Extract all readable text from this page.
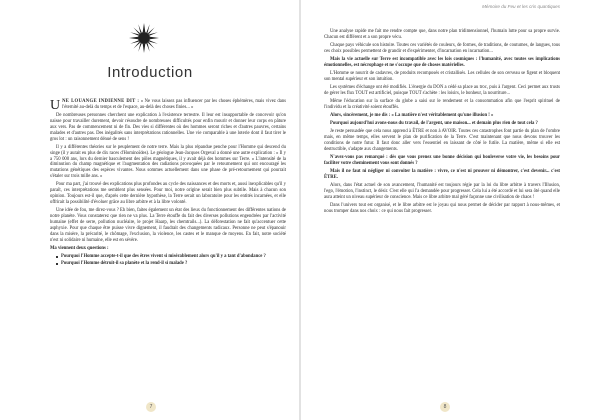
Introduction

UNE LOUANGE INDIENNE DIT : « Ne vous laissez pas influencer par les choses éphémères, mais vivez dans l'éternité au-delà du temps et de l'espace, au-delà des choses finies... »

De nombreuses personnes cherchent une explication à l'existence terrestre. Il leur est insupportable de concevoir qu'on naisse pour travailler durement, devoir résoudre de nombreuses difficultés pour enfin mourir et donner leur corps en pâture aux vers. Pas de commencement ni de fin. Des vies si différentes où des hommes seront riches et d'autres pauvres, certains malades et d'autres pas. Des inégalités sans interprétations rationnelles. Une vie comparable à une loterie dont il faut tirer le gros lot : un raisonnement dénué de sens !

Il y a différentes théories sur le peuplement de notre terre. Mais la plus répandue penche pour l'Homme qui descend du singe (il y aurait eu plus de dix races d'Hominoïdes). Le géologue Jean-Jacques Orgeval a donné une autre explication : « Il y a 750 000 ans, lors du dernier basculement des pôles magnétiques, il y avait déjà des hommes sur Terre. » L'intensité de la diminution du champ magnétique et l'augmentation des radiations provoquées par le retournement qui ont encouragé les mutations génétiques des espèces vivantes. Nous sommes actuellement dans une phase de pré-retournement qui pourrait s'étaler sur trois mille ans. »

Pour ma part, j'ai trouvé des explications plus profondes au cycle des naissances et des morts et, aussi inexplicables qu'il y paraît, ces interprétations me semblent plus sensées. Pour moi, notre origine serait bien plus subtile. Mais à chacun son opinion. Toujours est-il que, d'après cette dernière hypothèse, la Terre serait un laboratoire pour les entités incarnées, et elle offrirait la possibilité d'évoluer grâce au libre arbitre et à la libre volonté.

Une idée de fou, me direz-vous ? Eh bien, faites également un état des lieux du fonctionnement des différentes nations de notre planète. Vous constaterez que rien ne va plus. La Terre étouffe du fait des diverses pollutions engendrées par l'activité humaine (effet de serre, pollution nucléaire, le projet Haarp, les chemtrails...). La déforestation ne fait qu'accentuer cette asphyxie. Pour que chaque être puisse vivre dignement, il faudrait des changements radicaux. Personne ne peut s'épanouir dans la misère, la précarité, le chômage, l'exclusion, la violence, les castes et le manque de moyens. En fait, notre société n'est ni solidaire ni humaine, elle est en sévère.

Ma viennent deux questions :

Pourquoi l'Homme accepte-t-il que des êtres vivent si misérablement alors qu'il y a tant d'abondance ?
Pourquoi l'Homme détruit-il sa planète et la rend-il si malade ?
Mémoire du Feu et les cris quantiques

Une analyse rapide me fait me rendre compte que, dans notre plan tridimensionnel, l'humain lutte pour sa propre survie. Chacun est différent et a son propre vécu.

Chaque pays véhicule son histoire. Toutes ces variétés de couleurs, de formes, de traditions, de coutumes, de langues, tous ces choix possibles permettent de grandir et d'expérimenter, d'incarnation en incarnation...

Mais la vie actuelle sur Terre est incompatible avec les lois cosmiques : l'humanité, avec toutes ses implications émotionnelles, est nécrophage et ne s'occupe que de choses matérielles.

L'Homme se nourrit de cadavres, de produits recomposés et cristallisés. Les cellules de son cerveau se figent et bloquent son mental supérieur et son intuition.

Les systèmes d'échange ont été modifiés. L'énergie du DON a cédé sa place au troc, puis à l'argent. Ceci permet aux trusts de gérer les flux TOUT est artificiel, puisque TOUT s'achète : les loisirs, le bonheur, la nourriture...

Même l'éducation sur la surface du globe a saisi sur le rendement et la consommation afin que l'esprit spirituel de l'individu et la créativité soient étouffés.

Alors, sincèrement, je me dis : « La matière n'est véritablement qu'une illusion ! »

Pourquoi aujourd'hui avons-nous du travail, de l'argent, une maison... et demain plus rien de tout cela ?

Je reste persuadée que cela nous apprend à ÊTRE et non à AVOIR. Toutes ces catastrophes font partie du plan de l'ombre mais, en même temps, elles servent le plan de purification de la Terre. C'est maintenant que nous devons trouver les conditions de notre futur. Il faut donc aller vers l'essentiel en laissant de côté le futile. La matière, même si elle est destructible, s'adapte aux changements.

N'avez-vous pas remarqué : dès que vous prenez une bonne décision qui bouleverse votre vie, les besoins pour faciliter votre cheminement vous sont donnés ?

Mais il ne faut ni négliger ni convoiter la matière : vivre, ce n'est ni prouver ni démontrer, c'est devenir... c'est ÊTRE.

Alors, dans l'état actuel de son avancement, l'humanité est toujours régie par la loi du libre arbitre à travers l'Illusion, l'ego, l'émotion, l'instinct, le désir. C'est elle qui l'a demandée pour progresser. Cela lui a été accordé et lui sera ôté quand elle aura atteint un niveau supérieur de conscience. Mais ce libre arbitre mal géré façonne une civilisation de chaos !

Dans l'univers tout est organisé, et le libre arbitre est le joyau qui nous permet de décider par rapport à nous-mêmes, et nous tromper dans nos choix : ce qui nous fait progresser.

7	8
